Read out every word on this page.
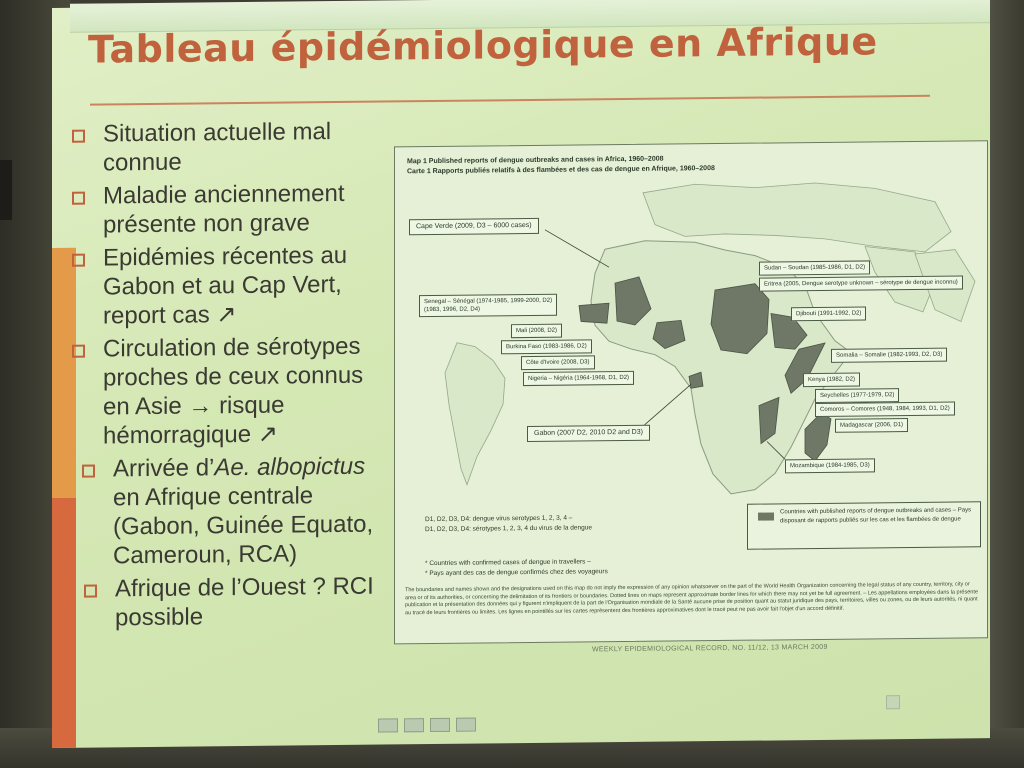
Tableau épidémiologique en Afrique
Situation actuelle mal connue
Maladie anciennement présente non grave
Epidémies récentes au Gabon et au Cap Vert, report cas ↗
Circulation de sérotypes proches de ceux connus en Asie → risque hémorragique ↗
Arrivée d’Ae. albopictus en Afrique centrale (Gabon, Guinée Equato, Cameroun, RCA)
Afrique de l’Ouest ? RCI possible
Map 1 Published reports of dengue outbreaks and cases in Africa, 1960–2008
Carte 1 Rapports publiés relatifs à des flambées et des cas de dengue en Afrique, 1960–2008
Cape Verde (2009, D3 – 6000 cases)
Senegal – Sénégal (1974-1985, 1999-2000, D2)
(1983, 1996, D2, D4)
Mali (2008, D2)
Burkina Faso (1983-1986, D2)
Côte d'Ivoire (2008, D3)
Nigeria – Nigéria (1964-1968, D1, D2)
Gabon (2007 D2, 2010 D2 and D3)
Sudan – Soudan (1985-1986, D1, D2)
Eritrea (2005, Dengue serotype unknown – sérotype de dengue inconnu)
Djibouti (1991-1992, D2)
Somalia – Somalie (1982-1993, D2, D3)
Kenya (1982, D2)
Seychelles (1977-1979, D2)
Comoros – Comores (1948, 1984, 1993, D1, D2)
Madagascar (2006, D1)
Mozambique (1984-1985, D3)
D1, D2, D3, D4: dengue virus serotypes 1, 2, 3, 4 –
D1, D2, D3, D4: sérotypes 1, 2, 3, 4 du virus de la dengue
* Countries with confirmed cases of dengue in travellers –
* Pays ayant des cas de dengue confirmés chez des voyageurs
Countries with published reports of dengue outbreaks and cases – Pays disposant de rapports publiés sur les cas et les flambées de dengue
The boundaries and names shown and the designations used on this map do not imply the expression of any opinion whatsoever on the part of the World Health Organization concerning the legal status of any country, territory, city or area or of its authorities, or concerning the delimitation of its frontiers or boundaries. Dotted lines on maps represent approximate border lines for which there may not yet be full agreement. – Les appellations employées dans la présente publication et la présentation des données qui y figurent n'impliquent de la part de l'Organisation mondiale de la Santé aucune prise de position quant au statut juridique des pays, territoires, villes ou zones, ou de leurs autorités, ni quant au tracé de leurs frontières ou limites. Les lignes en pointillés sur les cartes représentent des frontières approximatives dont le tracé peut ne pas avoir fait l'objet d'un accord définitif.
WEEKLY EPIDEMIOLOGICAL RECORD, NO. 11/12, 13 MARCH 2009
